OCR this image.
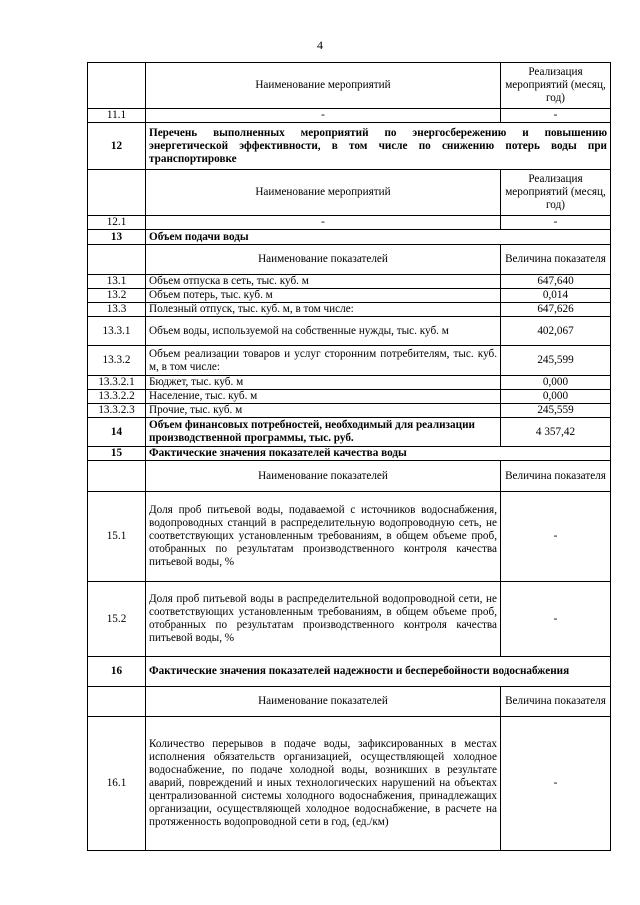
4
	Наименование мероприятий	Реализация мероприятий (месяц, год)
11.1	-	-
12	Перечень выполненных мероприятий по энергосбережению и повышению энергетической эффективности, в том числе по снижению потерь воды при транспортировке	
	Наименование мероприятий	Реализация мероприятий (месяц, год)
12.1	-	-
13	Объем подачи воды	
	Наименование показателей	Величина показателя
13.1	Объем отпуска в сеть, тыс. куб. м	647,640
13.2	Объем потерь, тыс. куб. м	0,014
13.3	Полезный отпуск, тыс. куб. м, в том числе:	647,626
13.3.1	Объем воды, используемой на собственные нужды, тыс. куб. м	402,067
13.3.2	Объем реализации товаров и услуг сторонним потребителям, тыс. куб. м, в том числе:	245,599
13.3.2.1	Бюджет, тыс. куб. м	0,000
13.3.2.2	Население, тыс. куб. м	0,000
13.3.2.3	Прочие, тыс. куб. м	245,559
14	Объем финансовых потребностей, необходимый для реализации производственной программы, тыс. руб.	4 357,42
15	Фактические значения показателей качества воды	
	Наименование показателей	Величина показателя
15.1	Доля проб питьевой воды, подаваемой с источников водоснабжения, водопроводных станций в распределительную водопроводную сеть, не соответствующих установленным требованиям, в общем объеме проб, отобранных по результатам производственного контроля качества питьевой воды, %	-
15.2	Доля проб питьевой воды в распределительной водопроводной сети, не соответствующих установленным требованиям, в общем объеме проб, отобранных по результатам производственного контроля качества питьевой воды, %	-
16	Фактические значения показателей надежности и бесперебойности водоснабжения	
	Наименование показателей	Величина показателя
16.1	Количество перерывов в подаче воды, зафиксированных в местах исполнения обязательств организацией, осуществляющей холодное водоснабжение, по подаче холодной воды, возникших в результате аварий, повреждений и иных технологических нарушений на объектах централизованной системы холодного водоснабжения, принадлежащих организации, осуществляющей холодное водоснабжение, в расчете на протяженность водопроводной сети в год, (ед./км)	-
